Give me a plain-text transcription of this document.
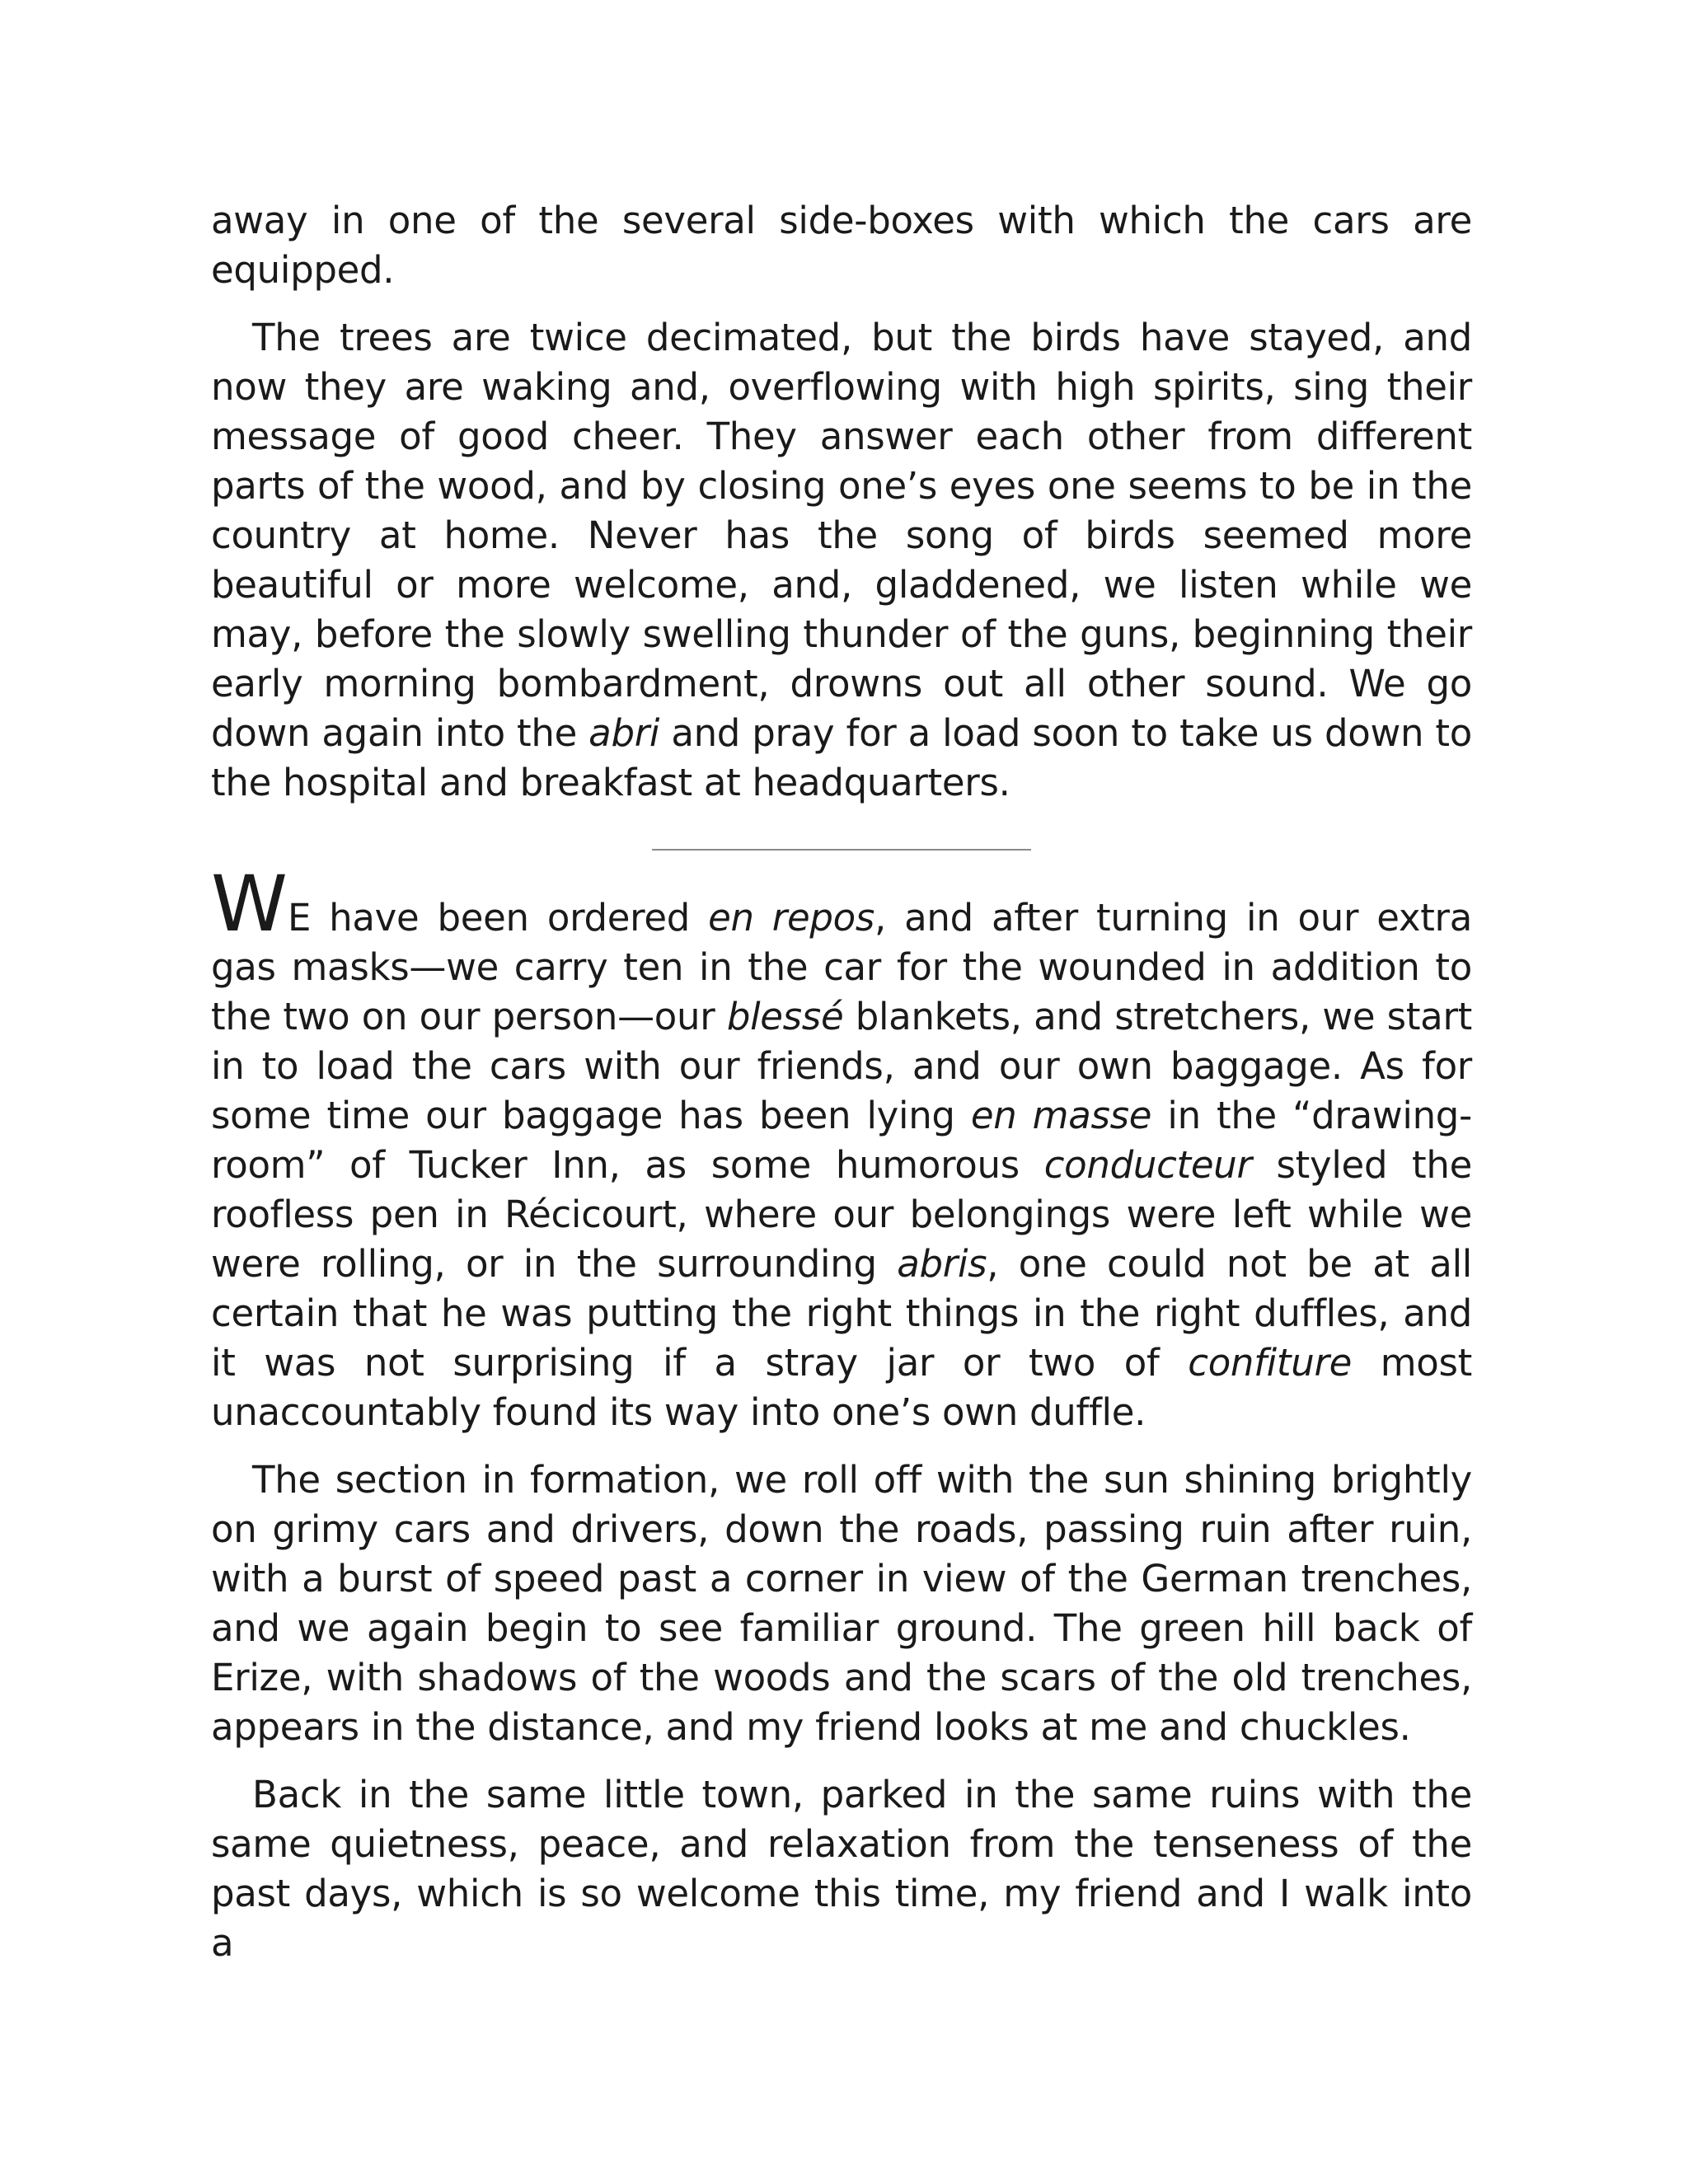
away in one of the several side-boxes with which the cars are equipped.

The trees are twice decimated, but the birds have stayed, and now they are waking and, overflowing with high spirits, sing their message of good cheer. They answer each other from different parts of the wood, and by closing one’s eyes one seems to be in the country at home. Never has the song of birds seemed more beautiful or more welcome, and, gladdened, we listen while we may, before the slowly swelling thunder of the guns, beginning their early morning bombardment, drowns out all other sound. We go down again into the abri and pray for a load soon to take us down to the hospital and breakfast at headquarters.

WE have been ordered en repos, and after turning in our extra gas masks—we carry ten in the car for the wounded in addition to the two on our person—our blessé blankets, and stretchers, we start in to load the cars with our friends, and our own baggage. As for some time our baggage has been lying en masse in the “drawing-room” of Tucker Inn, as some humorous conducteur styled the roofless pen in Récicourt, where our belongings were left while we were rolling, or in the surrounding abris, one could not be at all certain that he was putting the right things in the right duffles, and it was not surprising if a stray jar or two of confiture most unaccountably found its way into one’s own duffle.

The section in formation, we roll off with the sun shining brightly on grimy cars and drivers, down the roads, passing ruin after ruin, with a burst of speed past a corner in view of the German trenches, and we again begin to see familiar ground. The green hill back of Erize, with shadows of the woods and the scars of the old trenches, appears in the distance, and my friend looks at me and chuckles.

Back in the same little town, parked in the same ruins with the same quietness, peace, and relaxation from the tenseness of the past days, which is so welcome this time, my friend and I walk into a
